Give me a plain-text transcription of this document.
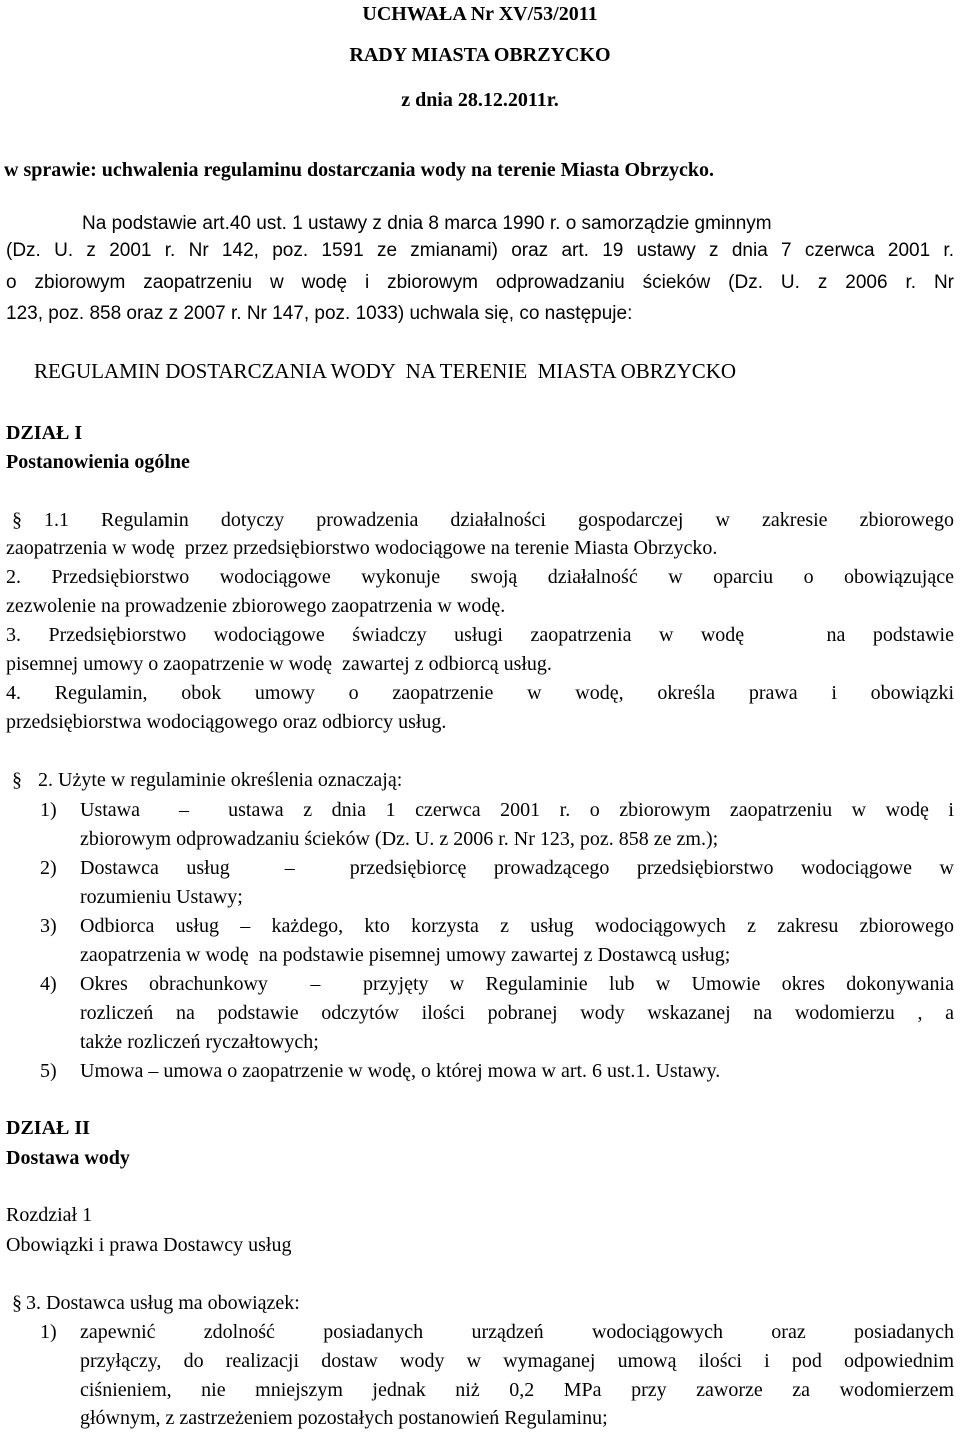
UCHWAŁA Nr XV/53/2011
RADY MIASTA OBRZYCKO
z dnia 28.12.2011r.
w sprawie: uchwalenia regulaminu dostarczania wody na terenie Miasta Obrzycko.
Na podstawie art.40 ust. 1 ustawy z dnia 8 marca 1990 r. o samorządzie gminnym
(Dz. U. z 2001 r. Nr 142, poz. 1591 ze zmianami) oraz art. 19 ustawy z dnia 7 czerwca 2001 r.
o zbiorowym zaopatrzeniu w wodę i zbiorowym odprowadzaniu ścieków (Dz. U. z 2006 r. Nr
123, poz. 858 oraz z 2007 r. Nr 147, poz. 1033) uchwala się, co następuje:
REGULAMIN DOSTARCZANIA WODY  NA TERENIE  MIASTA OBRZYCKO
DZIAŁ I
Postanowienia ogólne
§	1.1 Regulamin dotyczy prowadzenia działalności gospodarczej w zakresie zbiorowego
zaopatrzenia w wodę  przez przedsiębiorstwo wodociągowe na terenie Miasta Obrzycko.
2. Przedsiębiorstwo wodociągowe wykonuje swoją działalność w oparciu o obowiązujące
zezwolenie na prowadzenie zbiorowego zaopatrzenia w wodę.
3. Przedsiębiorstwo wodociągowe świadczy usługi zaopatrzenia w wodę   na podstawie
pisemnej umowy o zaopatrzenie w wodę  zawartej z odbiorcą usług.
4. Regulamin, obok umowy o zaopatrzenie w wodę, określa prawa i obowiązki
przedsiębiorstwa wodociągowego oraz odbiorcy usług.
§ 2. Użyte w regulaminie określenia oznaczają:
1) Ustawa  –  ustawa z dnia 1 czerwca 2001 r. o zbiorowym zaopatrzeniu w wodę i
zbiorowym odprowadzaniu ścieków (Dz. U. z 2006 r. Nr 123, poz. 858 ze zm.);
2) Dostawca usług  –  przedsiębiorcę prowadzącego przedsiębiorstwo wodociągowe w
rozumieniu Ustawy;
3) Odbiorca usług – każdego, kto korzysta z usług wodociągowych z zakresu zbiorowego
zaopatrzenia w wodę  na podstawie pisemnej umowy zawartej z Dostawcą usług;
4) Okres obrachunkowy  –  przyjęty w Regulaminie lub w Umowie okres dokonywania
rozliczeń na podstawie odczytów ilości pobranej wody wskazanej na wodomierzu , a
także rozliczeń ryczałtowych;
5) Umowa – umowa o zaopatrzenie w wodę, o której mowa w art. 6 ust.1. Ustawy.
DZIAŁ II
Dostawa wody
Rozdział 1
Obowiązki i prawa Dostawcy usług
§ 3. Dostawca usług ma obowiązek:
1) zapewnić  zdolność  posiadanych  urządzeń  wodociągowych  oraz  posiadanych
przyłączy, do realizacji dostaw wody w wymaganej umową ilości i pod odpowiednim
ciśnieniem, nie mniejszym jednak niż 0,2 MPa przy zaworze za wodomierzem
głównym, z zastrzeżeniem pozostałych postanowień Regulaminu;
